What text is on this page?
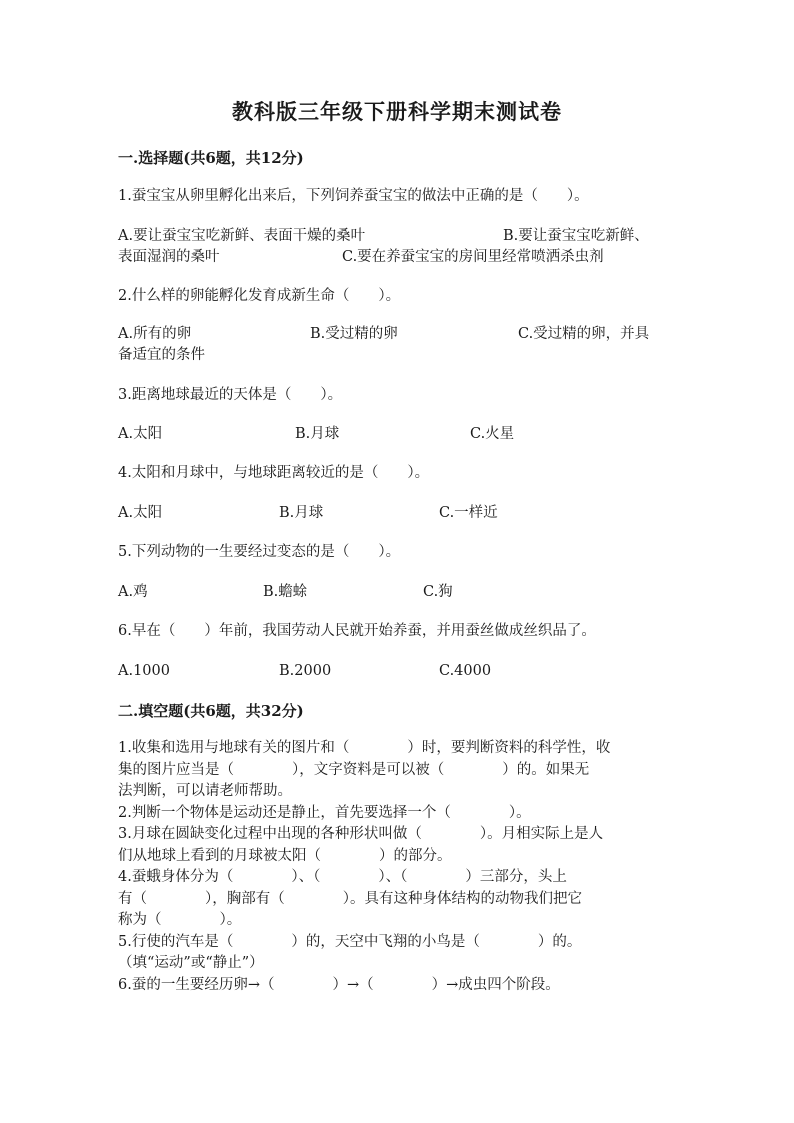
教科版三年级下册科学期末测试卷
一.选择题(共6题，共12分)
1.蚕宝宝从卵里孵化出来后，下列饲养蚕宝宝的做法中正确的是（　　）。
A.要让蚕宝宝吃新鲜、表面干燥的桑叶	B.要让蚕宝宝吃新鲜、
表面湿润的桑叶	C.要在养蚕宝宝的房间里经常喷洒杀虫剂
2.什么样的卵能孵化发育成新生命（　　）。
A.所有的卵	B.受过精的卵	C.受过精的卵，并具
备适宜的条件
3.距离地球最近的天体是（　　）。
A.太阳	B.月球	C.火星
4.太阳和月球中，与地球距离较近的是（　　）。
A.太阳	B.月球	C.一样近
5.下列动物的一生要经过变态的是（　　）。
A.鸡	B.蟾蜍	C.狗
6.早在（　　）年前，我国劳动人民就开始养蚕，并用蚕丝做成丝织品了。
A.1000	B.2000	C.4000
二.填空题(共6题，共32分)
1.收集和选用与地球有关的图片和（　　　　）时，要判断资料的科学性，收
集的图片应当是（　　　　），文字资料是可以被（　　　　）的。如果无
法判断，可以请老师帮助。
2.判断一个物体是运动还是静止，首先要选择一个（　　　　）。
3.月球在圆缺变化过程中出现的各种形状叫做（　　　　）。月相实际上是人
们从地球上看到的月球被太阳（　　　　）的部分。
4.蚕蛾身体分为（　　　　）、（　　　　）、（　　　　）三部分，头上
有（　　　　），胸部有（　　　　）。具有这种身体结构的动物我们把它
称为（　　　　）。
5.行使的汽车是（　　　　）的，天空中飞翔的小鸟是（　　　　）的。
（填“运动”或“静止”）
6.蚕的一生要经历卵→（　　　　）→（　　　　）→成虫四个阶段。
